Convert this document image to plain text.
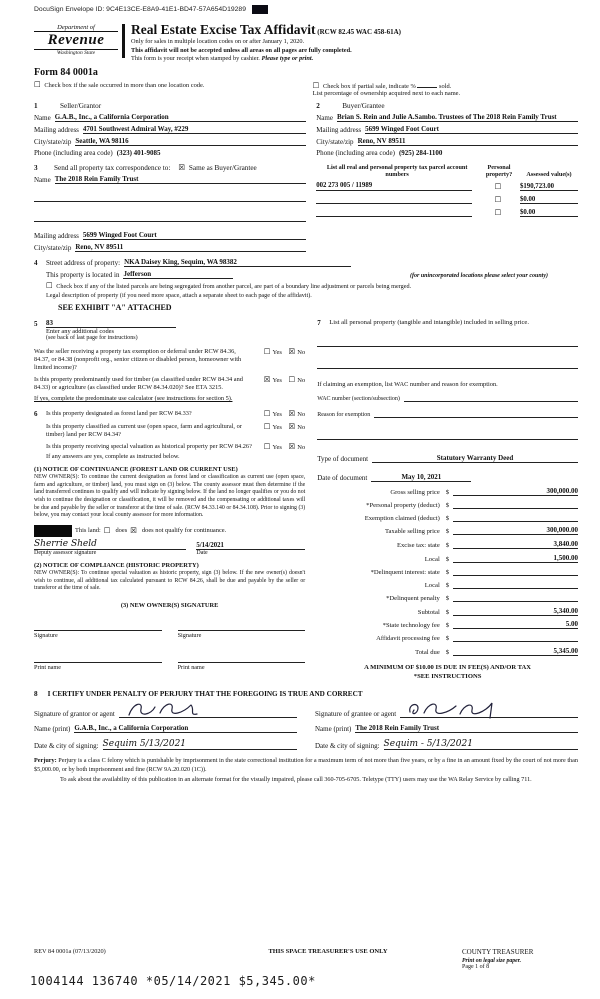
DocuSign Envelope ID: 9C4E13CE-E8A9-41E1-BD47-57A654D19289
Department of
Revenue
Washington State
Real Estate Excise Tax Affidavit (RCW 82.45 WAC 458-61A)
Only for sales in multiple location codes on or after January 1, 2020.
This affidavit will not be accepted unless all areas on all pages are fully completed.
This form is your receipt when stamped by cashier. Please type or print.
Form 84 0001a
☐ Check box if the sale occurred in more than one location code.	☐ Check box if partial sale, indicate %	sold.
List percentage of ownership acquired next to each name.
1	Seller/Grantor
Name G.A.B., Inc., a California Corporation
Mailing address 4701 Southwest Admiral Way, #229
City/state/zip Seattle, WA 98116
Phone (including area code) (323) 401-9085
2	Buyer/Grantee
Name Brian S. Rein and Julie A.Sambo. Trustees of The 2018 Rein Family Trust
Mailing address 5699 Winged Foot Court
City/state/zip Reno, NV 89511
Phone (including area code) (925) 284-1100
3	Send all property tax correspondence to: ☒ Same as Buyer/Grantee
Name The 2018 Rein Family Trust
Mailing address 5699 Winged Foot Court
City/state/zip Reno, NV 89511
List all real and personal property tax parcel account numbers
Personal property?	Assessed value(s)
002 273 005 / 11989	☐	$190,723.00
☐	$0.00
☐	$0.00
4	Street address of property: NKA Daisey King, Sequim, WA 98382
This property is located in Jefferson	(for unincorporated locations please select your county)
☐ Check box if any of the listed parcels are being segregated from another parcel, are part of a boundary line adjustment or parcels being merged.
Legal description of property (if you need more space, attach a separate sheet to each page of the affidavit).
SEE EXHIBIT "A" ATTACHED
5	83
Enter any additional codes
(see back of last page for instructions)
Was the seller receiving a property tax exemption or deferral under RCW 84.36, 84.37, or 84.38 (nonprofit org., senior citizen or disabled person, homeowner with limited income)?
☐ Yes ☒ No
Is this property predominantly used for timber (as classified under RCW 84.34 and 84.33) or agriculture (as classified under RCW 84.34.020)? See ETA 3215.
☒ Yes ☐ No
If yes, complete the predominate use calculator (see instructions for section 5).
6	Is this property designated as forest land per RCW 84.33?	☐ Yes ☒ No
Is this property classified as current use (open space, farm and agricultural, or timber) land per RCW 84.34?
☐ Yes ☒ No
Is this property receiving special valuation as historical property per RCW 84.26?	☐ Yes ☒ No
If any answers are yes, complete as instructed below.
(1) NOTICE OF CONTINUANCE (FOREST LAND OR CURRENT USE)
NEW OWNER(S): To continue the current designation as forest land or classification as current use (open space, farm and agriculture, or timber) land, you must sign on (3) below. The county assessor must then determine if the land transferred continues to qualify and will indicate by signing below. If the land no longer qualifies or you do not wish to continue the designation or classification, it will be removed and the compensating or additional taxes will be due and payable by the seller or transferor at the time of sale. (RCW 84.33.140 or 84.34.108). Prior to signing (3) below, you may contact your local county assessor for more information.
This land: ☐ does ☒ does not qualify for continuance.
Sherrie Sheld	5/14/2021
Deputy assessor signature	Date
(2) NOTICE OF COMPLIANCE (HISTORIC PROPERTY)
NEW OWNER(S): To continue special valuation as historic property, sign (3) below. If the new owner(s) doesn't wish to continue, all additional tax calculated pursuant to RCW 84.26, shall be due and payable by the seller or transferor at the time of sale.
(3) NEW OWNER(S) SIGNATURE
Signature	Signature
Print name	Print name
7	List all personal property (tangible and intangible) included in selling price.
If claiming an exemption, list WAC number and reason for exemption.
WAC number (section/subsection)
Reason for exemption
Type of document	Statutory Warranty Deed
Date of document	May 10, 2021
Gross selling price $	300,000.00
*Personal property (deduct) $
Exemption claimed (deduct) $
Taxable selling price $	300,000.00
Excise tax: state $	3,840.00
Local $	1,500.00
*Delinquent interest: state $
Local $
*Delinquent penalty $
Subtotal $	5,340.00
*State technology fee $	5.00
Affidavit processing fee $
Total due $	5,345.00
A MINIMUM OF $10.00 IS DUE IN FEE(S) AND/OR TAX
*SEE INSTRUCTIONS
8 I CERTIFY UNDER PENALTY OF PERJURY THAT THE FOREGOING IS TRUE AND CORRECT
Signature of grantor or agent
Name (print) G.A.B., Inc., a California Corporation
Date & city of signing: Sequim 5/13/2021
Signature of grantee or agent
Name (print) The 2018 Rein Family Trust
Date & city of signing: Sequim - 5/13/2021
Perjury: Perjury is a class C felony which is punishable by imprisonment in the state correctional institution for a maximum term of not more than five years, or by a fine in an amount fixed by the court of not more than $5,000.00, or by both imprisonment and fine (RCW 9A.20.020 (1C)).
To ask about the availability of this publication in an alternate format for the visually impaired, please call 360-705-6705. Teletype (TTY) users may use the WA Relay Service by calling 711.
REV 84 0001a (07/13/2020)	THIS SPACE TREASURER'S USE ONLY	COUNTY TREASURER
Print on legal size paper.
Page 1 of 8
1004144 136740 *05/14/2021 $5,345.00*
